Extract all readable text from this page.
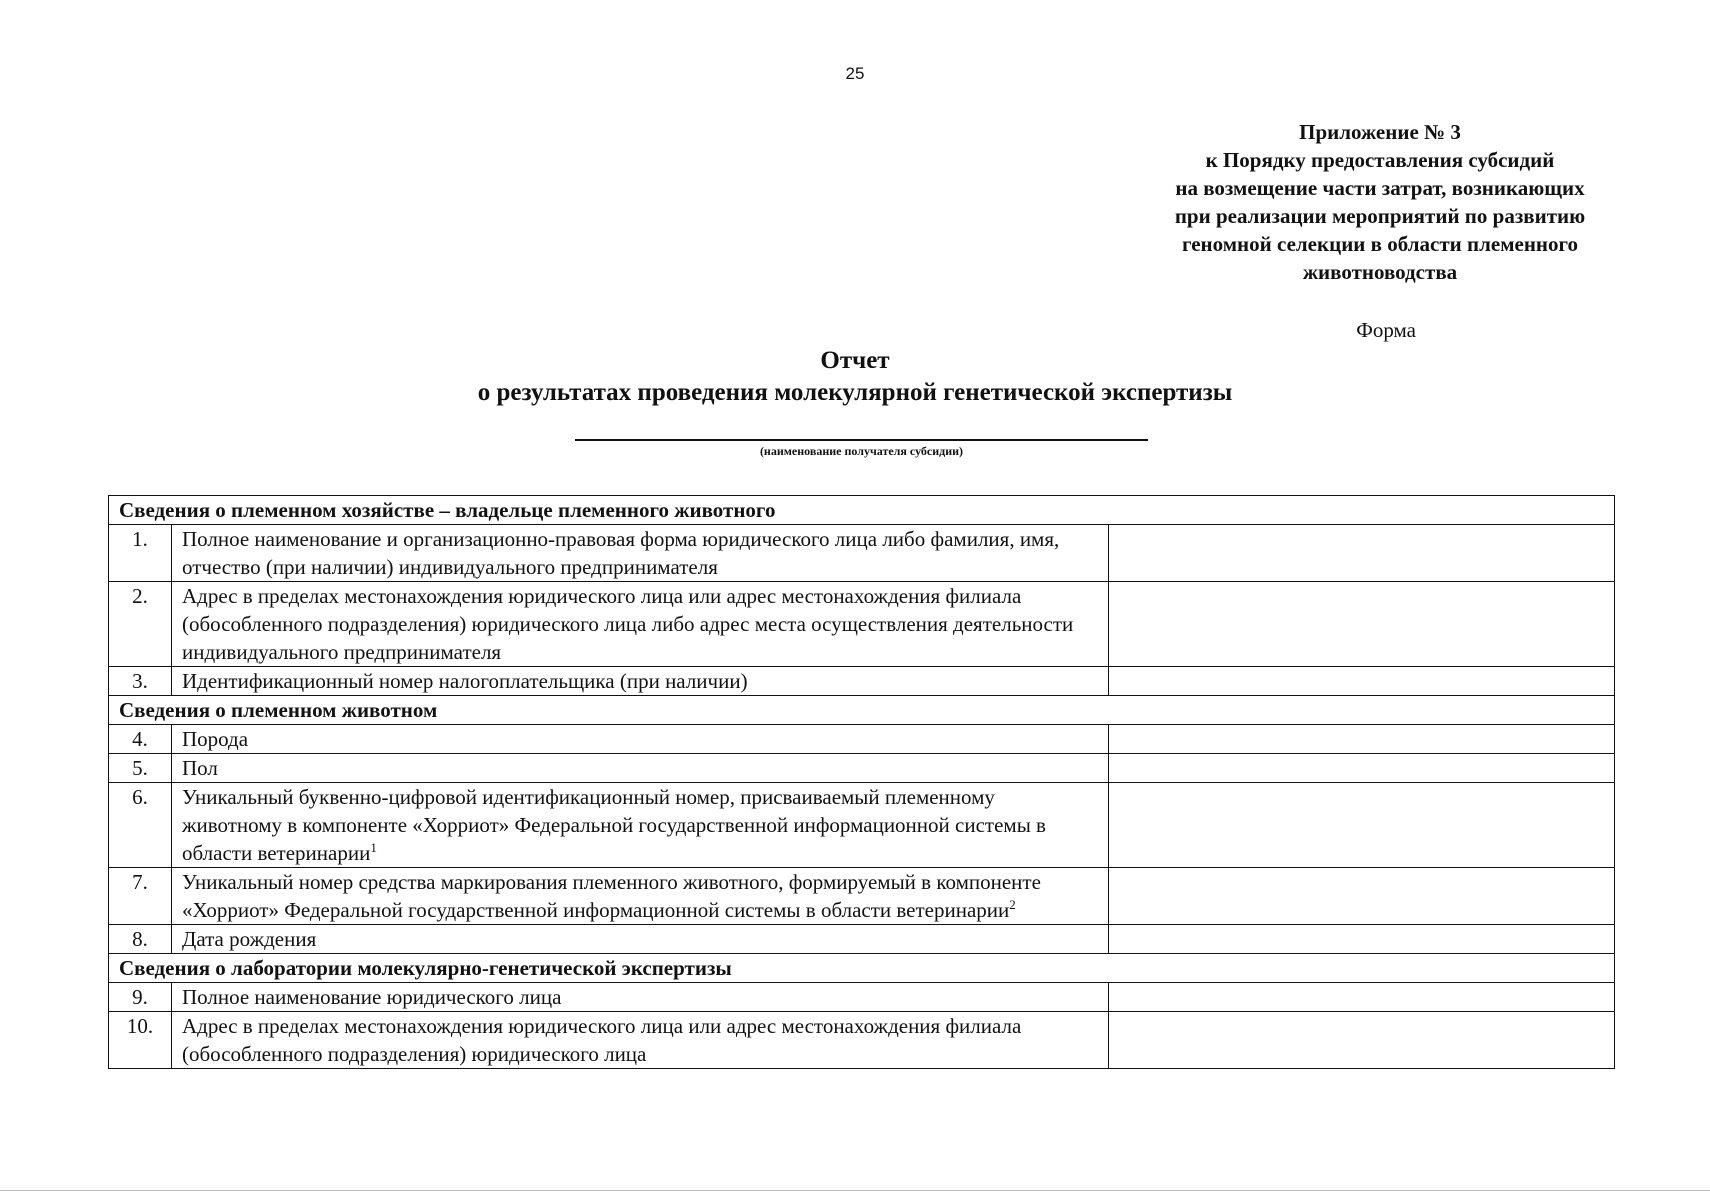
25
Приложение № 3
к Порядку предоставления субсидий
на возмещение части затрат, возникающих
при реализации мероприятий по развитию
геномной селекции в области племенного
животноводства
Форма
Отчет
о результатах проведения молекулярной генетической экспертизы
(наименование получателя субсидии)
Сведения о племенном хозяйстве – владельце племенного животного		
1.	Полное наименование и организационно-правовая форма юридического лица либо фамилия, имя, отчество (при наличии) индивидуального предпринимателя	
2.	Адрес в пределах местонахождения юридического лица или адрес местонахождения филиала (обособленного подразделения) юридического лица либо адрес места осуществления деятельности индивидуального предпринимателя	
3.	Идентификационный номер налогоплательщика (при наличии)	
Сведения о племенном животном		
4.	Порода	
5.	Пол	
6.	Уникальный буквенно-цифровой идентификационный номер, присваиваемый племенному животному в компоненте «Хорриот» Федеральной государственной информационной системы в области ветеринарии$^1$	
7.	Уникальный номер средства маркирования племенного животного, формируемый в компоненте «Хорриот» Федеральной государственной информационной системы в области ветеринарии$^2$	
8.	Дата рождения	
Сведения о лаборатории молекулярно-генетической экспертизы		
9.	Полное наименование юридического лица	
10.	Адрес в пределах местонахождения юридического лица или адрес местонахождения филиала (обособленного подразделения) юридического лица	
